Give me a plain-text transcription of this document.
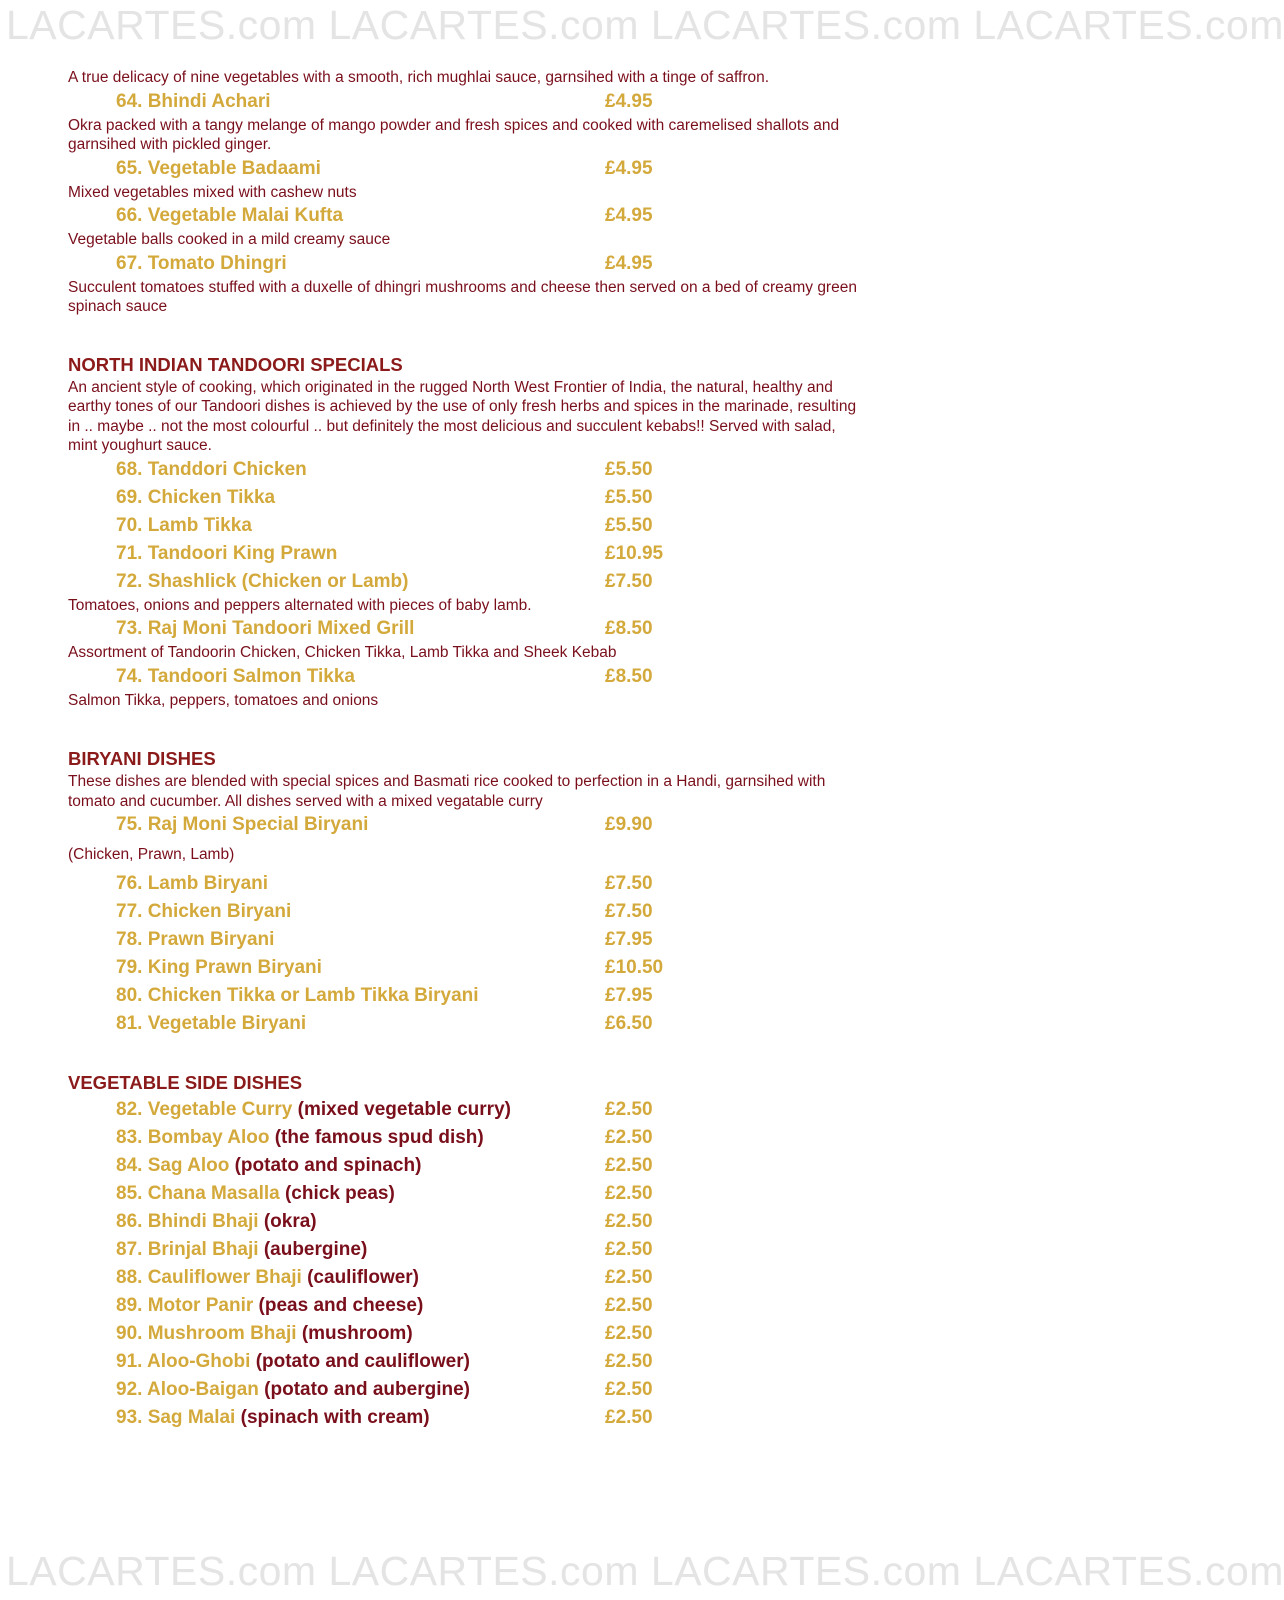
LACARTES.com LACARTES.com LACARTES.com LACARTES.com
A true delicacy of nine vegetables with a smooth, rich mughlai sauce, garnsihed with a tinge of saffron.
64. Bhindi Achari	£4.95
Okra packed with a tangy melange of mango powder and fresh spices and cooked with caremelised shallots and garnsihed with pickled ginger.
65. Vegetable Badaami	£4.95
Mixed vegetables mixed with cashew nuts
66. Vegetable Malai Kufta	£4.95
Vegetable balls cooked in a mild creamy sauce
67. Tomato Dhingri	£4.95
Succulent tomatoes stuffed with a duxelle of dhingri mushrooms and cheese then served on a bed of creamy green spinach sauce
NORTH INDIAN TANDOORI SPECIALS
An ancient style of cooking, which originated in the rugged North West Frontier of India, the natural, healthy and earthy tones of our Tandoori dishes is achieved by the use of only fresh herbs and spices in the marinade, resulting in .. maybe .. not the most colourful .. but definitely the most delicious and succulent kebabs!! Served with salad, mint youghurt sauce.
68. Tanddori Chicken	£5.50
69. Chicken Tikka	£5.50
70. Lamb Tikka	£5.50
71. Tandoori King Prawn	£10.95
72. Shashlick (Chicken or Lamb)	£7.50
Tomatoes, onions and peppers alternated with pieces of baby lamb.
73. Raj Moni Tandoori Mixed Grill	£8.50
Assortment of Tandoorin Chicken, Chicken Tikka, Lamb Tikka and Sheek Kebab
74. Tandoori Salmon Tikka	£8.50
Salmon Tikka, peppers, tomatoes and onions
BIRYANI DISHES
These dishes are blended with special spices and Basmati rice cooked to perfection in a Handi, garnsihed with tomato and cucumber. All dishes served with a mixed vegatable curry
75. Raj Moni Special Biryani	£9.90
(Chicken, Prawn, Lamb)
76. Lamb Biryani	£7.50
77. Chicken Biryani	£7.50
78. Prawn Biryani	£7.95
79. King Prawn Biryani	£10.50
80. Chicken Tikka or Lamb Tikka Biryani	£7.95
81. Vegetable Biryani	£6.50
VEGETABLE SIDE DISHES
82. Vegetable Curry (mixed vegetable curry)	£2.50
83. Bombay Aloo (the famous spud dish)	£2.50
84. Sag Aloo (potato and spinach)	£2.50
85. Chana Masalla (chick peas)	£2.50
86. Bhindi Bhaji (okra)	£2.50
87. Brinjal Bhaji (aubergine)	£2.50
88. Cauliflower Bhaji (cauliflower)	£2.50
89. Motor Panir (peas and cheese)	£2.50
90. Mushroom Bhaji (mushroom)	£2.50
91. Aloo-Ghobi (potato and cauliflower)	£2.50
92. Aloo-Baigan (potato and aubergine)	£2.50
93. Sag Malai (spinach with cream)	£2.50
LACARTES.com LACARTES.com LACARTES.com LACARTES.com
